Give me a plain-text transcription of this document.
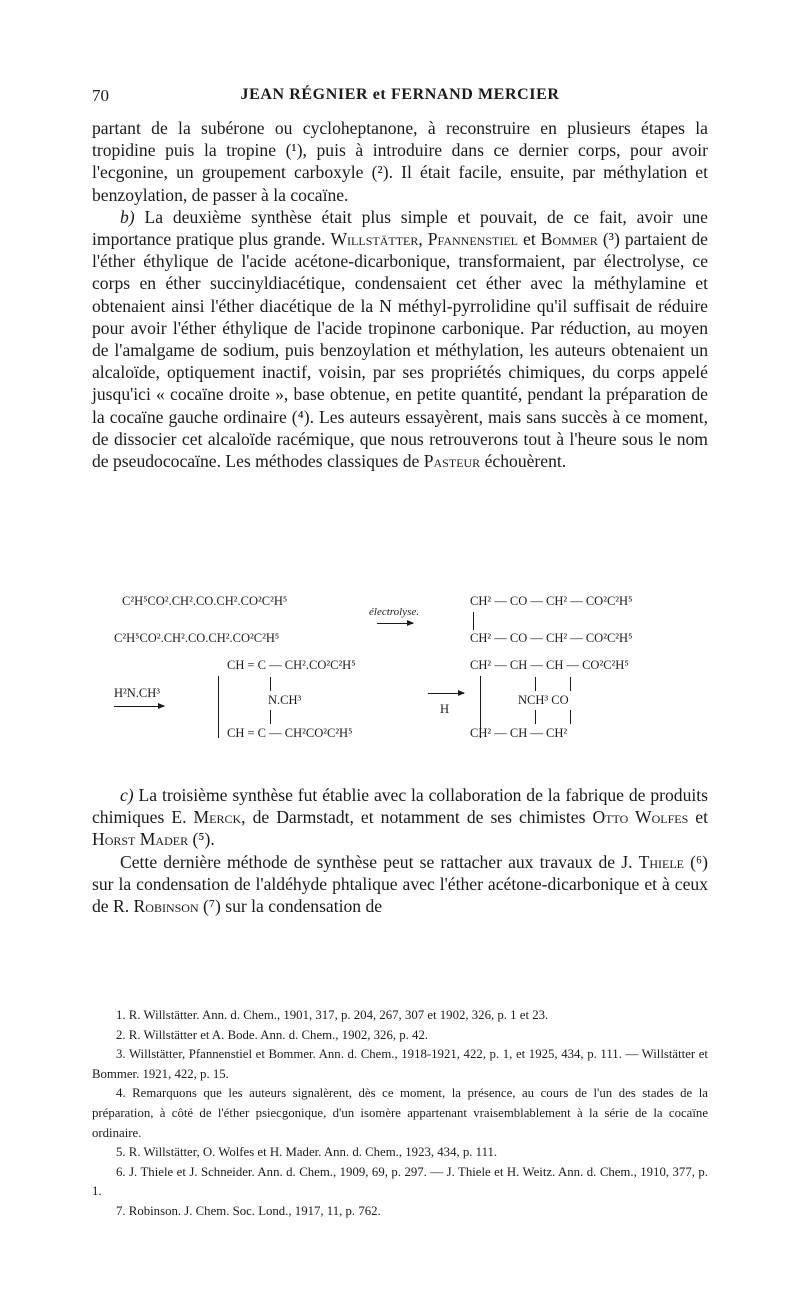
70	JEAN RÉGNIER et FERNAND MERCIER

partant de la subérone ou cycloheptanone, à reconstruire en plusieurs étapes la tropidine puis la tropine (¹), puis à introduire dans ce dernier corps, pour avoir l'ecgonine, un groupement carboxyle (²). Il était facile, ensuite, par méthylation et benzoylation, de passer à la cocaïne.

b) La deuxième synthèse était plus simple et pouvait, de ce fait, avoir une importance pratique plus grande. Willstätter, Pfannenstiel et Bommer (³) partaient de l'éther éthylique de l'acide acétone-dicarbonique, transformaient, par électrolyse, ce corps en éther succinyldiacétique, condensaient cet éther avec la méthylamine et obtenaient ainsi l'éther diacétique de la N méthyl-pyrrolidine qu'il suffisait de réduire pour avoir l'éther éthylique de l'acide tropinone carbonique. Par réduction, au moyen de l'amalgame de sodium, puis benzoylation et méthylation, les auteurs obtenaient un alcaloïde, optiquement inactif, voisin, par ses propriétés chimiques, du corps appelé jusqu'ici « cocaïne droite », base obtenue, en petite quantité, pendant la préparation de la cocaïne gauche ordinaire (⁴). Les auteurs essayèrent, mais sans succès à ce moment, de dissocier cet alcaloïde racémique, que nous retrouverons tout à l'heure sous le nom de pseudococaïne. Les méthodes classiques de Pasteur échouèrent.

C²H⁵CO².CH².CO.CH².CO²C²H⁵
C²H⁵CO².CH².CO.CH².CO²C²H⁵
électrolyse.
CH² — CO — CH² — CO²C²H⁵
CH² — CO — CH² — CO²C²H⁵
H²N.CH³
CH = C — CH².CO²C²H⁵
N.CH³
CH = C — CH²CO²C²H⁵
H
CH² — CH — CH — CO²C²H⁵
NCH³ CO
CH² — CH — CH²

c) La troisième synthèse fut établie avec la collaboration de la fabrique de produits chimiques E. Merck, de Darmstadt, et notamment de ses chimistes Otto Wolfes et Horst Mader (⁵).

Cette dernière méthode de synthèse peut se rattacher aux travaux de J. Thiele (⁶) sur la condensation de l'aldéhyde phtalique avec l'éther acétone-dicarbonique et à ceux de R. Robinson (⁷) sur la condensation de

1. R. Willstätter. Ann. d. Chem., 1901, 317, p. 204, 267, 307 et 1902, 326, p. 1 et 23.

2. R. Willstätter et A. Bode. Ann. d. Chem., 1902, 326, p. 42.

3. Willstätter, Pfannenstiel et Bommer. Ann. d. Chem., 1918-1921, 422, p. 1, et 1925, 434, p. 111. — Willstätter et Bommer. 1921, 422, p. 15.

4. Remarquons que les auteurs signalèrent, dès ce moment, la présence, au cours de l'un des stades de la préparation, à côté de l'éther psiecgonique, d'un isomère appartenant vraisemblablement à la série de la cocaïne ordinaire.

5. R. Willstätter, O. Wolfes et H. Mader. Ann. d. Chem., 1923, 434, p. 111.

6. J. Thiele et J. Schneider. Ann. d. Chem., 1909, 69, p. 297. — J. Thiele et H. Weitz. Ann. d. Chem., 1910, 377, p. 1.

7. Robinson. J. Chem. Soc. Lond., 1917, 11, p. 762.
